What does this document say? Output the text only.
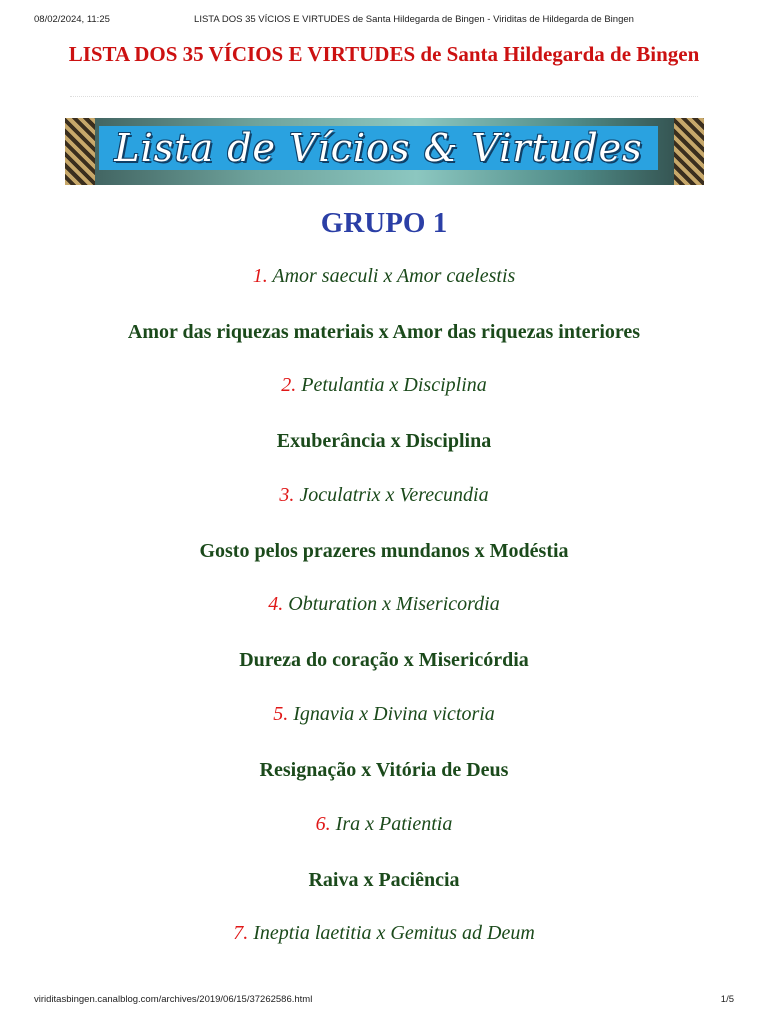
08/02/2024, 11:25	LISTA DOS 35 VÍCIOS E VIRTUDES de Santa Hildegarda de Bingen - Viriditas de Hildegarda de Bingen
LISTA DOS 35 VÍCIOS E VIRTUDES de Santa Hildegarda de Bingen
Lista de Vícios & Virtudes
GRUPO 1
1. Amor saeculi x Amor caelestis
Amor das riquezas materiais x Amor das riquezas interiores
2. Petulantia x Disciplina
Exuberância x Disciplina
3. Joculatrix x Verecundia
Gosto pelos prazeres mundanos x Modéstia
4. Obturation x Misericordia
Dureza do coração x Misericórdia
5. Ignavia x Divina victoria
Resignação x Vitória de Deus
6. Ira x Patientia
Raiva x Paciência
7. Ineptia laetitia x Gemitus ad Deum
viriditasbingen.canalblog.com/archives/2019/06/15/37262586.html	1/5
